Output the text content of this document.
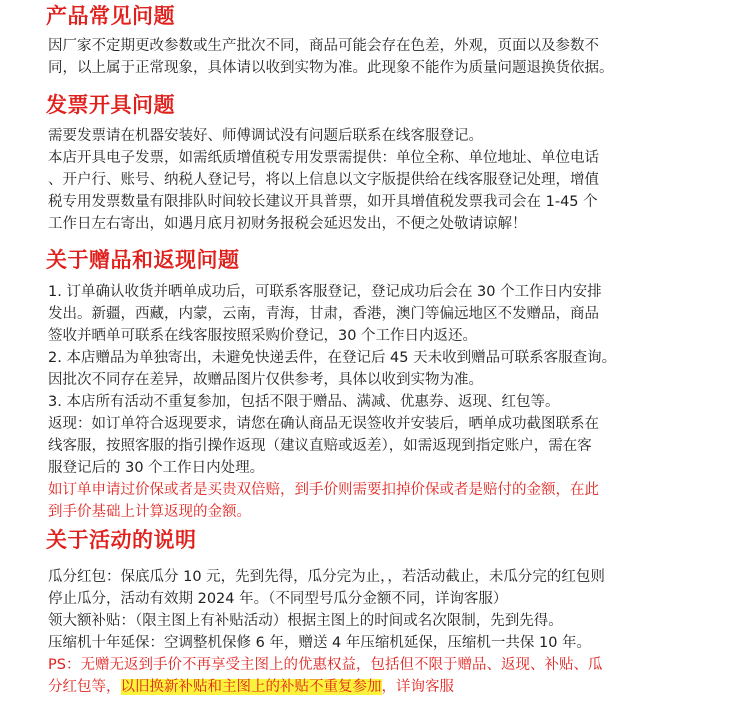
产品常见问题
因厂家不定期更改参数或生产批次不同，商品可能会存在色差，外观，页面以及参数不
同，以上属于正常现象，具体请以收到实物为准。此现象不能作为质量问题退换货依据。
发票开具问题
需要发票请在机器安装好、师傅调试没有问题后联系在线客服登记。
本店开具电子发票，如需纸质增值税专用发票需提供：单位全称、单位地址、单位电话
、开户行、账号、纳税人登记号，将以上信息以文字版提供给在线客服登记处理，增值
税专用发票数量有限排队时间较长建议开具普票，如开具增值税发票我司会在 1-45 个
工作日左右寄出，如遇月底月初财务报税会延迟发出，不便之处敬请谅解！
关于赠品和返现问题
1. 订单确认收货并晒单成功后，可联系客服登记，登记成功后会在 30 个工作日内安排
发出。新疆，西藏，内蒙，云南，青海，甘肃，香港，澳门等偏远地区不发赠品，商品
签收并晒单可联系在线客服按照采购价登记，30 个工作日内返还。
2. 本店赠品为单独寄出，未避免快递丢件，在登记后 45 天未收到赠品可联系客服查询。
因批次不同存在差异，故赠品图片仅供参考，具体以收到实物为准。
3. 本店所有活动不重复参加，包括不限于赠品、满减、优惠券、返现、红包等。
返现：如订单符合返现要求，请您在确认商品无误签收并安装后，晒单成功截图联系在
线客服，按照客服的指引操作返现（建议直赔或返差），如需返现到指定账户，需在客
服登记后的 30 个工作日内处理。
如订单申请过价保或者是买贵双倍赔，到手价则需要扣掉价保或者是赔付的金额，在此
到手价基础上计算返现的金额。
关于活动的说明
瓜分红包：保底瓜分 10 元，先到先得，瓜分完为止，，若活动截止，未瓜分完的红包则
停止瓜分，活动有效期 2024 年。（不同型号瓜分金额不同，详询客服）
领大额补贴：（限主图上有补贴活动）根据主图上的时间或名次限制，先到先得。
压缩机十年延保：空调整机保修 6 年，赠送 4 年压缩机延保，压缩机一共保 10 年。
PS：无赠无返到手价不再享受主图上的优惠权益，包括但不限于赠品、返现、补贴、瓜
分红包等，以旧换新补贴和主图上的补贴不重复参加，详询客服
